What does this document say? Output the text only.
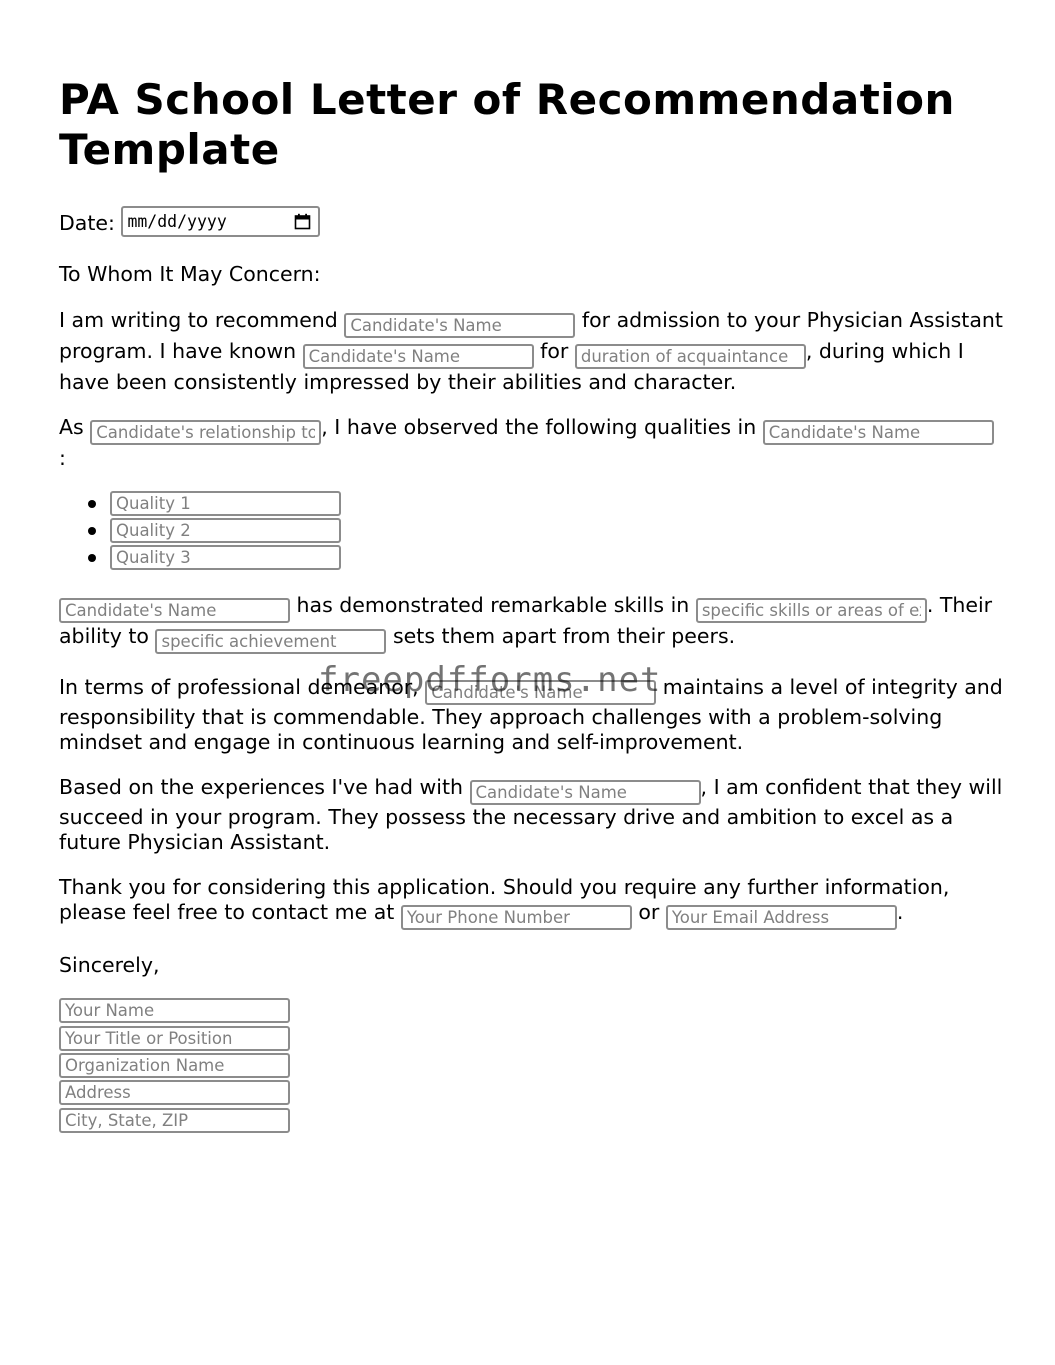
PA School Letter of Recommendation Template

Date: mm/dd/yyyy

To Whom It May Concern:

I am writing to recommend Candidate's Name	for admission to your Physician Assistant program. I have known Candidate's Name	for duration of acquaintance	, during which I have been consistently impressed by their abilities and character.

As Candidate's relationship to you	, I have observed the following qualities in Candidate's Name
:

Quality 1
Quality 2
Quality 3

Candidate's Name has demonstrated remarkable skills in specific skills or areas of expertise	. Their ability to specific achievement	sets them apart from their peers.

In terms of professional demeanor, Candidate's Name	maintains a level of integrity and responsibility that is commendable. They approach challenges with a problem-solving mindset and engage in continuous learning and self-improvement.

Based on the experiences I've had with Candidate's Name	, I am confident that they will succeed in your program. They possess the necessary drive and ambition to excel as a future Physician Assistant.

Thank you for considering this application. Should you require any further information, please feel free to contact me at Your Phone Number	or Your Email Address	.

Sincerely,

Your Name
Your Title or Position
Organization Name
Address
City, State, ZIP
freepdfforms.net
